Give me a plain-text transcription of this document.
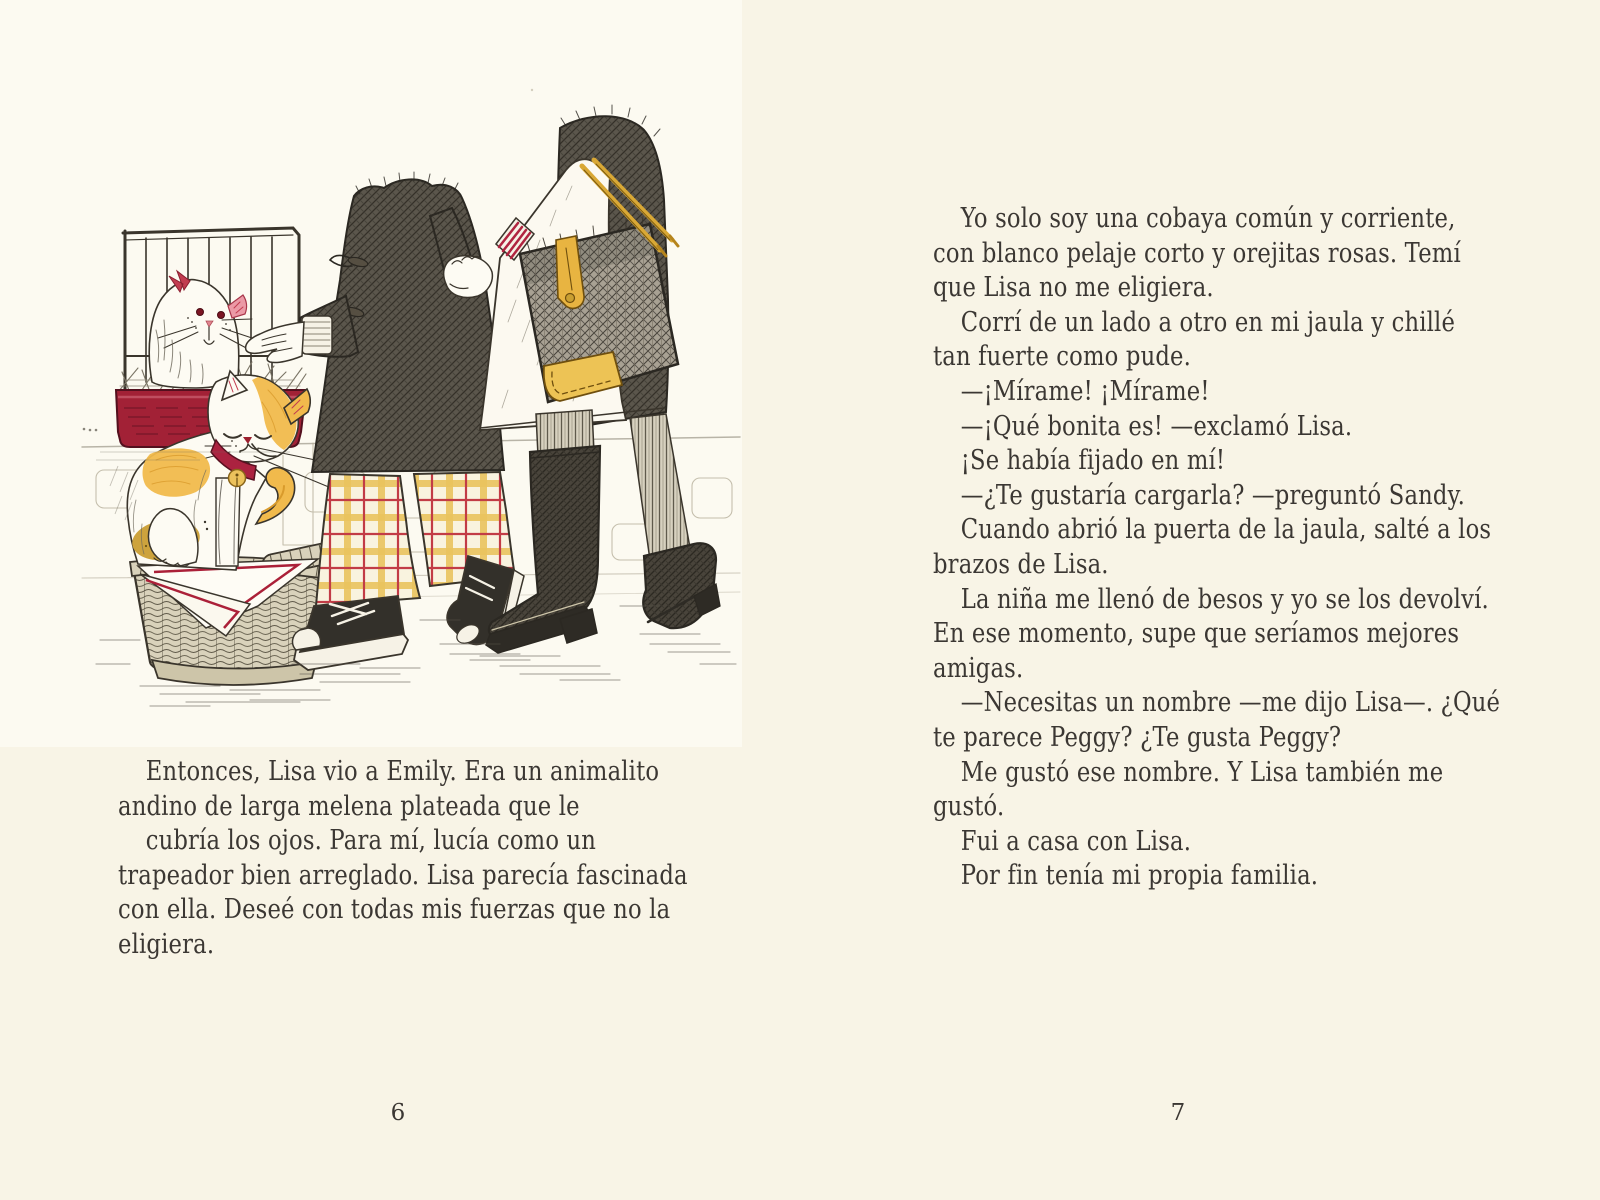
Entonces, Lisa vio a Emily. Era un animalito
andino de larga melena plateada que le
cubría los ojos. Para mí, lucía como un
trapeador bien arreglado. Lisa parecía fascinada
con ella. Deseé con todas mis fuerzas que no la
eligiera.
Yo solo soy una cobaya común y corriente,
con blanco pelaje corto y orejitas rosas. Temí
que Lisa no me eligiera.
Corrí de un lado a otro en mi jaula y chillé
tan fuerte como pude.
—¡Mírame! ¡Mírame!
—¡Qué bonita es! —exclamó Lisa.
¡Se había fijado en mí!
—¿Te gustaría cargarla? —preguntó Sandy.
Cuando abrió la puerta de la jaula, salté a los
brazos de Lisa.
La niña me llenó de besos y yo se los devolví.
En ese momento, supe que seríamos mejores
amigas.
—Necesitas un nombre —me dijo Lisa—. ¿Qué
te parece Peggy? ¿Te gusta Peggy?
Me gustó ese nombre. Y Lisa también me
gustó.
Fui a casa con Lisa.
Por fin tenía mi propia familia.
6	7
